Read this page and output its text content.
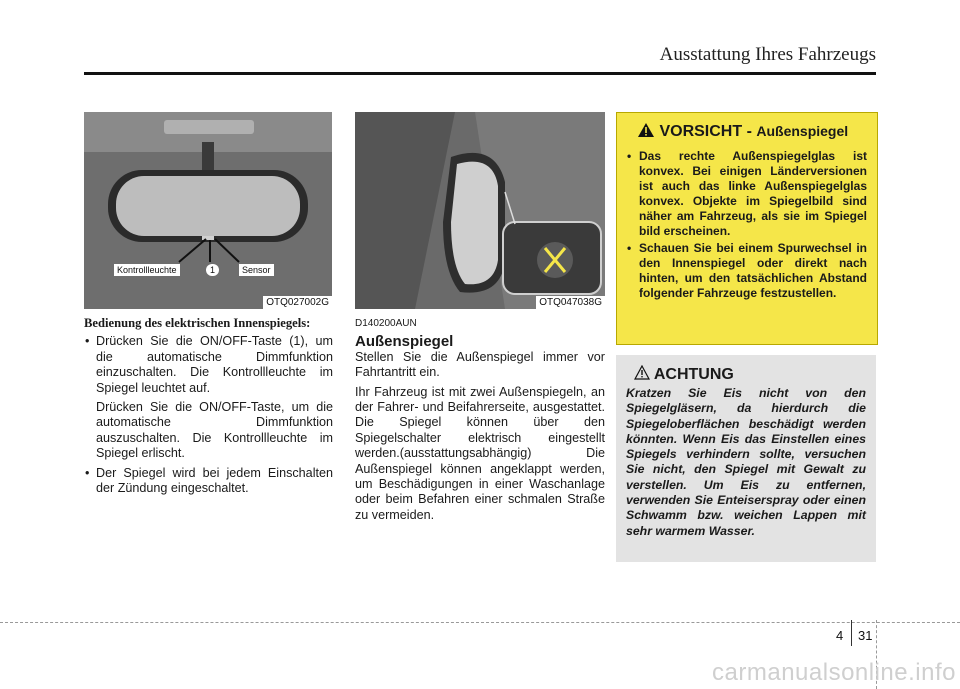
Ausstattung Ihres Fahrzeugs
Kontrollleuchte	1	Sensor
OTQ027002G	OTQ047038G

Bedienung des elektrischen Innenspiegels:

• Drücken Sie die ON/OFF-Taste (1), um die automatische Dimmfunktion einzuschalten. Die Kontrollleuchte im Spiegel leuchtet auf.

Drücken Sie die ON/OFF-Taste, um die automatische Dimmfunktion auszuschalten. Die Kontrollleuchte im Spiegel erlischt.

• Der Spiegel wird bei jedem Einschalten der Zündung eingeschaltet.

D140200AUN

Außenspiegel

Stellen Sie die Außenspiegel immer vor Fahrtantritt ein.

Ihr Fahrzeug ist mit zwei Außenspiegeln, an der Fahrer- und Beifahrerseite, ausgestattet. Die Spiegel können über den Spiegelschalter elektrisch eingestellt werden.(ausstattungsabhängig) Die Außenspiegel können angeklappt werden, um Beschädigungen in einer Waschanlage oder beim Befahren einer schmalen Straße zu vermeiden.

VORSICHT - Außenspiegel
• Das rechte Außenspiegelglas ist konvex. Bei einigen Länderversionen ist auch das linke Außenspiegelglas konvex. Objekte im Spiegelbild sind näher am Fahrzeug, als sie im Spiegel bild erscheinen.
• Schauen Sie bei einem Spurwechsel in den Innenspiegel oder direkt nach hinten, um den tatsächlichen Abstand folgender Fahrzeuge festzustellen.
ACHTUNG
Kratzen Sie Eis nicht von den Spiegelgläsern, da hierdurch die Spiegeloberflächen beschädigt werden könnten. Wenn Eis das Einstellen eines Spiegels verhindern sollte, versuchen Sie nicht, den Spiegel mit Gewalt zu verstellen. Um Eis zu entfernen, verwenden Sie Enteiserspray oder einen Schwamm bzw. weichen Lappen mit sehr warmem Wasser.
4 31
carmanualsonline.info
